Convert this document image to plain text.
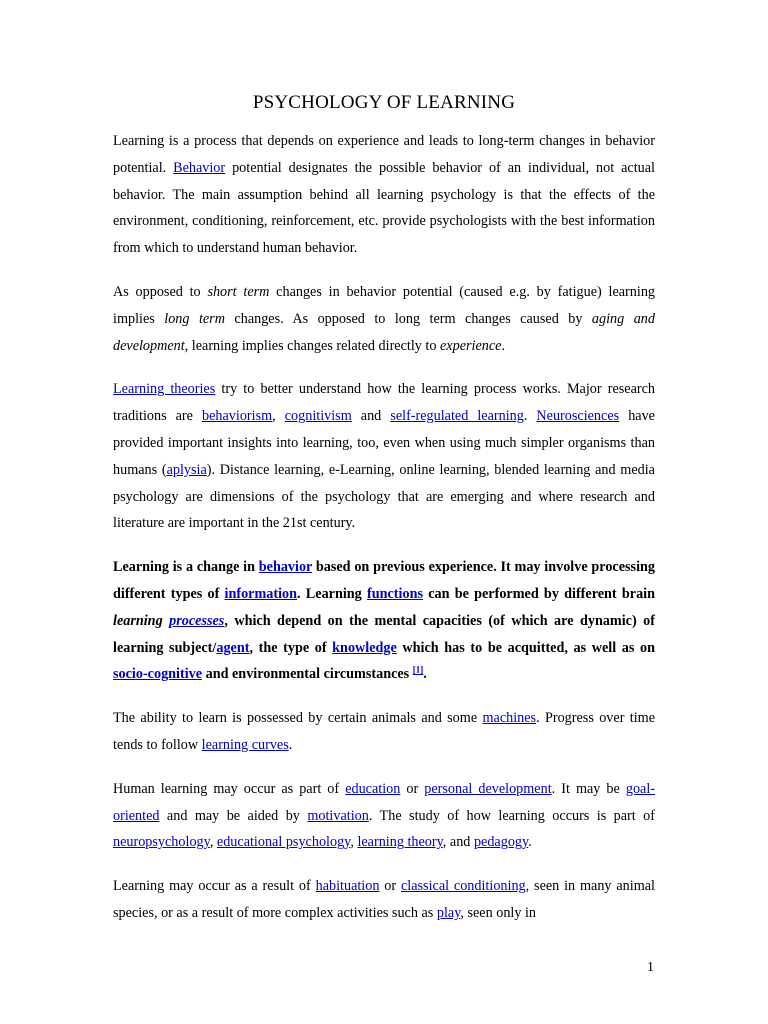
PSYCHOLOGY OF LEARNING

Learning is a process that depends on experience and leads to long-term changes in behavior potential. Behavior potential designates the possible behavior of an individual, not actual behavior. The main assumption behind all learning psychology is that the effects of the environment, conditioning, reinforcement, etc. provide psychologists with the best information from which to understand human behavior.

As opposed to short term changes in behavior potential (caused e.g. by fatigue) learning implies long term changes. As opposed to long term changes caused by aging and development, learning implies changes related directly to experience.

Learning theories try to better understand how the learning process works. Major research traditions are behaviorism, cognitivism and self-regulated learning. Neurosciences have provided important insights into learning, too, even when using much simpler organisms than humans (aplysia). Distance learning, e-Learning, online learning, blended learning and media psychology are dimensions of the psychology that are emerging and where research and literature are important in the 21st century.

Learning is a change in behavior based on previous experience. It may involve processing different types of information. Learning functions can be performed by different brain learning processes, which depend on the mental capacities (of which are dynamic) of learning subject/agent, the type of knowledge which has to be acquitted, as well as on socio-cognitive and environmental circumstances [1].

The ability to learn is possessed by certain animals and some machines. Progress over time tends to follow learning curves.

Human learning may occur as part of education or personal development. It may be goal-oriented and may be aided by motivation. The study of how learning occurs is part of neuropsychology, educational psychology, learning theory, and pedagogy.

Learning may occur as a result of habituation or classical conditioning, seen in many animal species, or as a result of more complex activities such as play, seen only in

1
